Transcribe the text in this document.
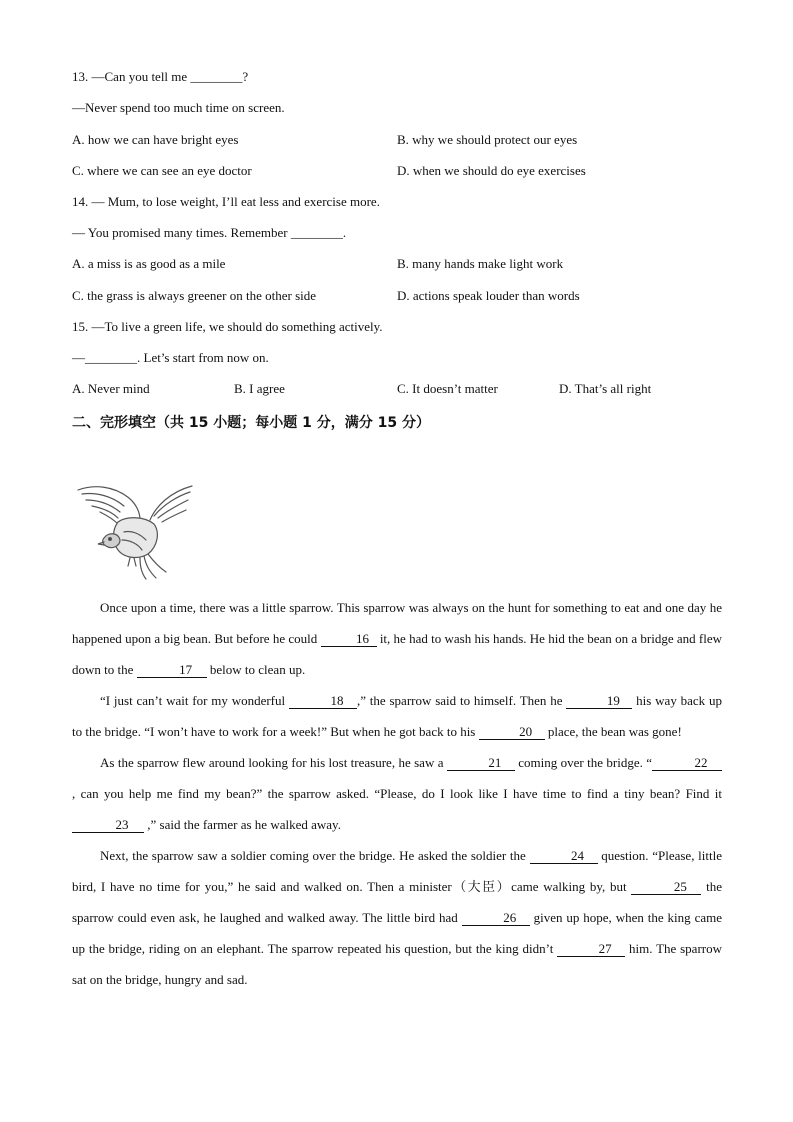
13. —Can you tell me ________?
—Never spend too much time on screen.
A. how we can have bright eyes	B. why we should protect our eyes
C. where we can see an eye doctor	D. when we should do eye exercises
14. — Mum, to lose weight, I’ll eat less and exercise more.
— You promised many times. Remember ________.
A. a miss is as good as a mile	B. many hands make light work
C. the grass is always greener on the other side	D. actions speak louder than words
15. —To live a green life, we should do something actively.
—________. Let’s start from now on.
A. Never mind	B. I agree	C. It doesn’t matter	D. That’s all right
二、完形填空（共 15 小题；每小题 1 分，满分 15 分）

Once upon a time, there was a little sparrow. This sparrow was always on the hunt for something to eat and one day he happened upon a big bean. But before he could	16 it, he had to wash his hands. He hid the bean on a bridge and flew down to the	17 below to clean up.

“I just can’t wait for my wonderful	18 ,” the sparrow said to himself. Then he	19 his way back up to the bridge. “I won’t have to work for a week!” But when he got back to his	20 place, the bean was gone!

As the sparrow flew around looking for his lost treasure, he saw a	21 coming over the bridge. “	22 , can you help me find my bean?” the sparrow asked. “Please, do I look like I have time to find a tiny bean? Find it 23 ,” said the farmer as he walked away.

Next, the sparrow saw a soldier coming over the bridge. He asked the soldier the	24 question. “Please, little bird, I have no time for you,” he said and walked on. Then a minister（大臣）came walking by, but	25 the sparrow could even ask, he laughed and walked away. The little bird had	26 given up hope, when the king came up the bridge, riding on an elephant. The sparrow repeated his question, but the king didn’t	27 him. The sparrow sat on the bridge, hungry and sad.
